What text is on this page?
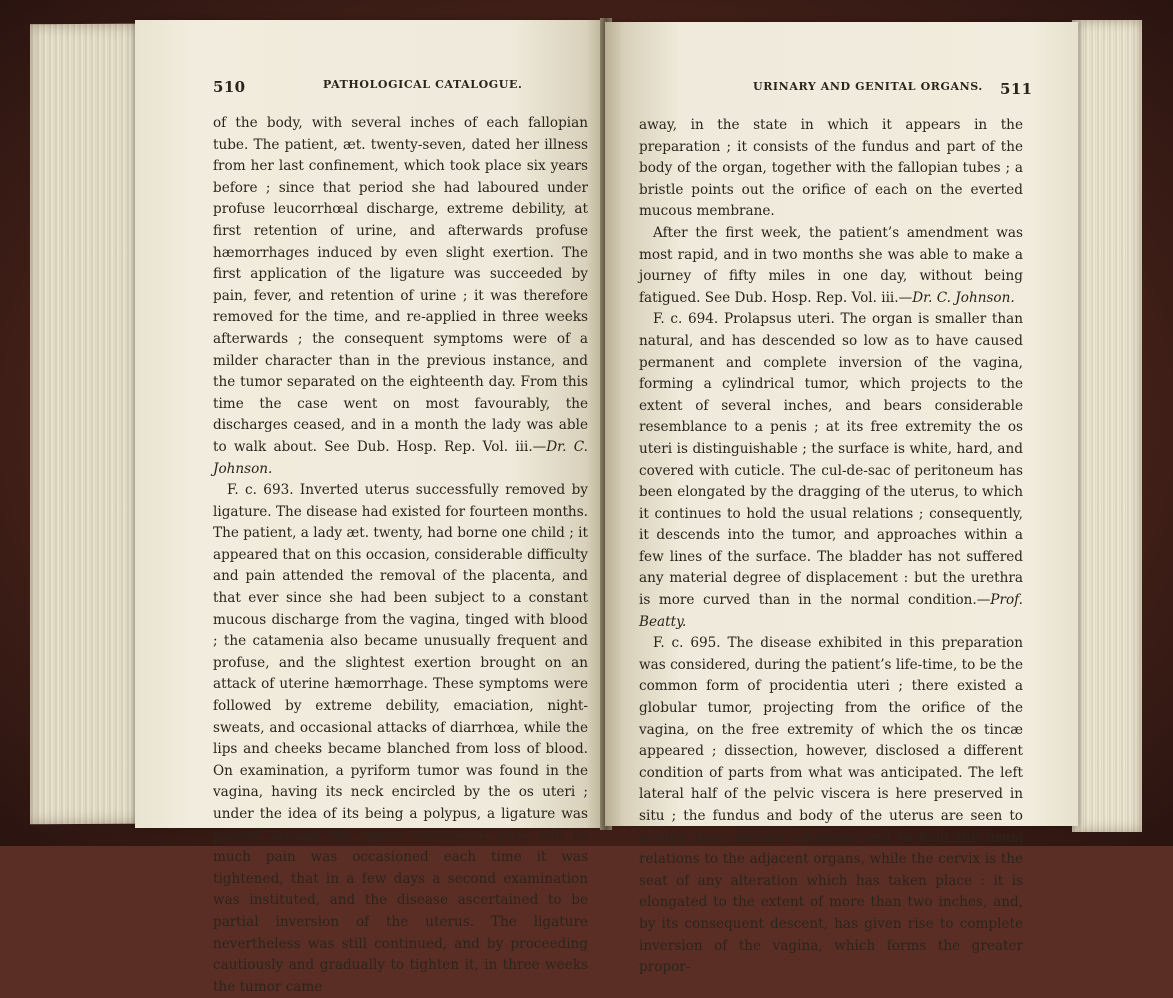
510	PATHOLOGICAL CATALOGUE.

of the body, with several inches of each fallopian tube. The patient, æt. twenty-seven, dated her illness from her last confinement, which took place six years before ; since that period she had laboured under profuse leucorrhœal discharge, extreme debility, at first retention of urine, and afterwards profuse hæmorrhages induced by even slight exertion. The first application of the ligature was succeeded by pain, fever, and retention of urine ; it was therefore removed for the time, and re-applied in three weeks afterwards ; the consequent symptoms were of a milder character than in the previous instance, and the tumor separated on the eighteenth day. From this time the case went on most favourably, the discharges ceased, and in a month the lady was able to walk about. See Dub. Hosp. Rep. Vol. iii.—Dr. C. Johnson.

F. c. 693. Inverted uterus successfully removed by ligature. The disease had existed for fourteen months. The patient, a lady æt. twenty, had borne one child ; it appeared that on this occasion, considerable difficulty and pain attended the removal of the placenta, and that ever since she had been subject to a constant mucous discharge from the vagina, tinged with blood ; the catamenia also became unusually frequent and profuse, and the slightest exertion brought on an attack of uterine hæmorrhage. These symptoms were followed by extreme debility, emaciation, night-sweats, and occasional attacks of diarrhœa, while the lips and cheeks became blanched from loss of blood. On examination, a pyriform tumor was found in the vagina, having its neck encircled by the os uteri ; under the idea of its being a polypus, a ligature was passed around the upper contracted part, but so much pain was occasioned each time it was tightened, that in a few days a second examination was instituted, and the disease ascertained to be partial inversion of the uterus. The ligature nevertheless was still continued, and by proceeding cautiously and gradually to tighten it, in three weeks the tumor came

URINARY AND GENITAL ORGANS. 511

away, in the state in which it appears in the preparation ; it consists of the fundus and part of the body of the organ, together with the fallopian tubes ; a bristle points out the orifice of each on the everted mucous membrane.

After the first week, the patient’s amendment was most rapid, and in two months she was able to make a journey of fifty miles in one day, without being fatigued. See Dub. Hosp. Rep. Vol. iii.—Dr. C. Johnson.

F. c. 694. Prolapsus uteri. The organ is smaller than natural, and has descended so low as to have caused permanent and complete inversion of the vagina, forming a cylindrical tumor, which projects to the extent of several inches, and bears considerable resemblance to a penis ; at its free extremity the os uteri is distinguishable ; the surface is white, hard, and covered with cuticle. The cul-de-sac of peritoneum has been elongated by the dragging of the uterus, to which it continues to hold the usual relations ; consequently, it descends into the tumor, and approaches within a few lines of the surface. The bladder has not suffered any material degree of displacement : but the urethra is more curved than in the normal condition.—Prof. Beatty.

F. c. 695. The disease exhibited in this preparation was considered, during the patient’s life-time, to be the common form of procidentia uteri ; there existed a globular tumor, projecting from the orifice of the vagina, on the free extremity of which the os tincæ appeared ; dissection, however, disclosed a different condition of parts from what was anticipated. The left lateral half of the pelvic viscera is here preserved in situ ; the fundus and body of the uterus are seen to occupy their natural situation, and to hold the usual relations to the adjacent organs, while the cervix is the seat of any alteration which has taken place : it is elongated to the extent of more than two inches, and, by its consequent descent, has given rise to complete inversion of the vagina, which forms the greater propor-
